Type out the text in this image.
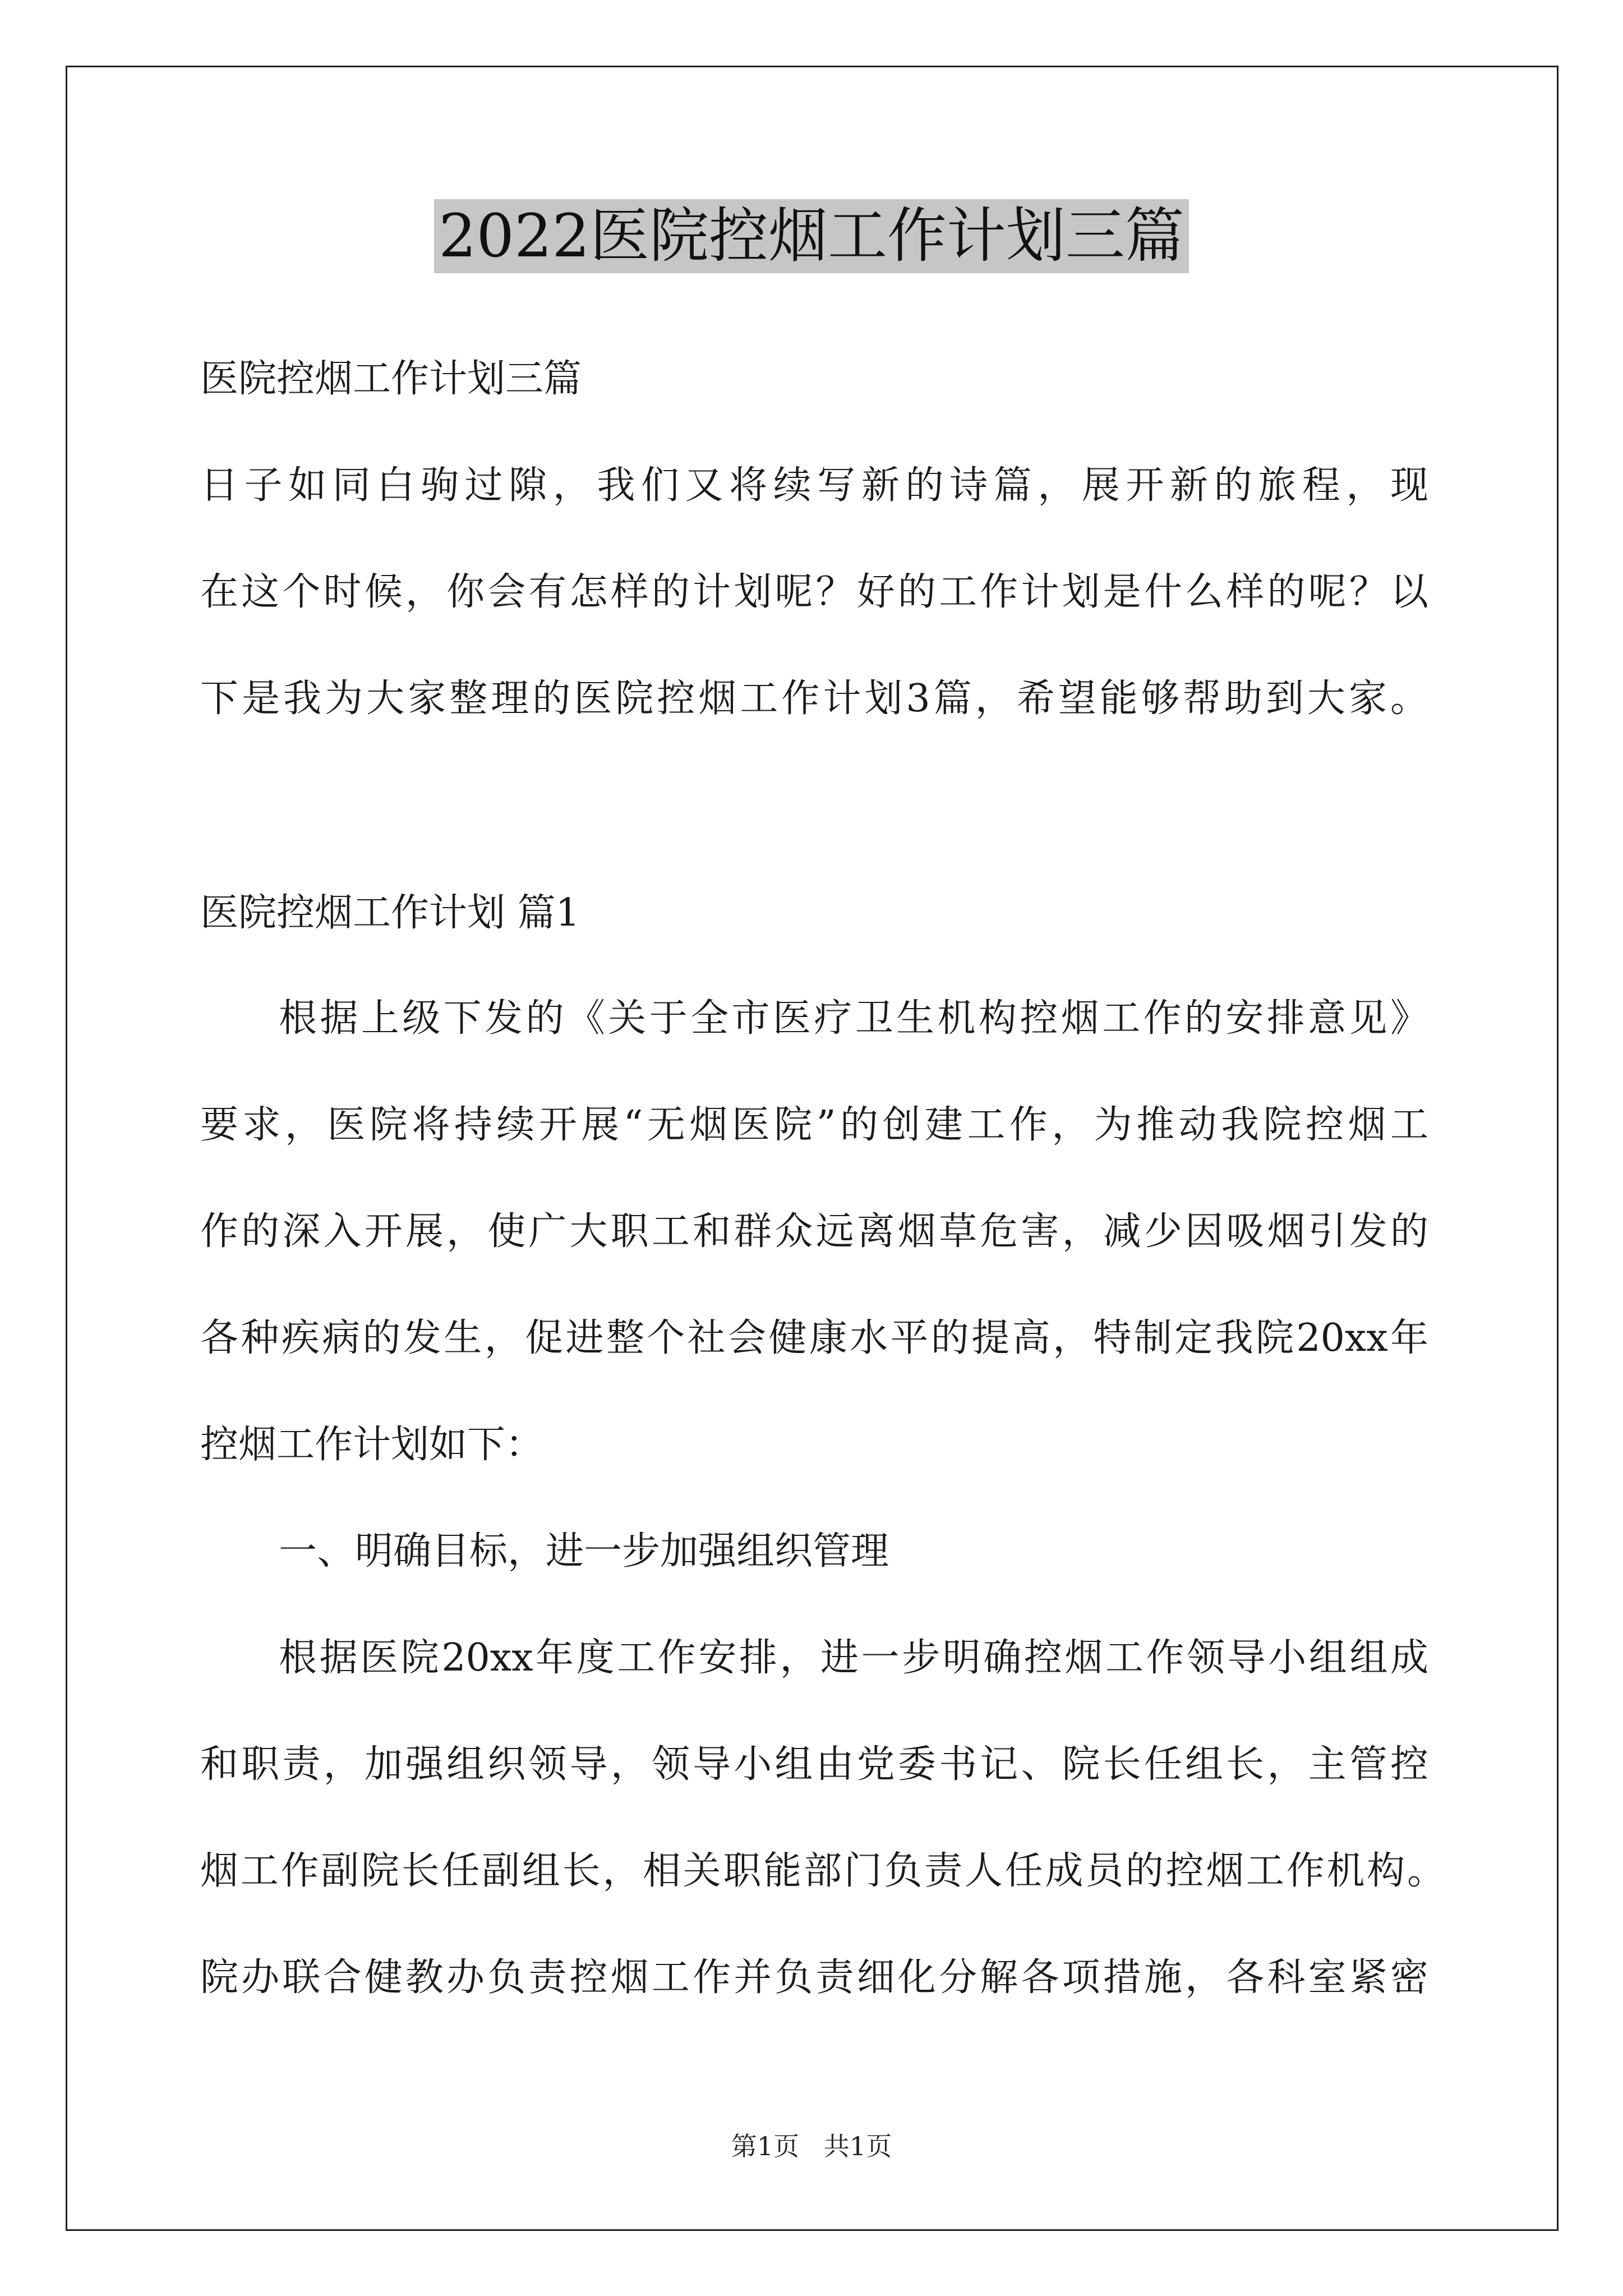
2022医院控烟工作计划三篇
医院控烟工作计划三篇
日子如同白驹过隙，我们又将续写新的诗篇，展开新的旅程，现
在这个时候，你会有怎样的计划呢？好的工作计划是什么样的呢？以
下是我为大家整理的医院控烟工作计划3篇，希望能够帮助到大家。
医院控烟工作计划 篇1
根据上级下发的《关于全市医疗卫生机构控烟工作的安排意见》
要求，医院将持续开展“无烟医院”的创建工作，为推动我院控烟工
作的深入开展，使广大职工和群众远离烟草危害，减少因吸烟引发的
各种疾病的发生，促进整个社会健康水平的提高，特制定我院20xx年
控烟工作计划如下：
一、明确目标，进一步加强组织管理
根据医院20xx年度工作安排，进一步明确控烟工作领导小组组成
和职责，加强组织领导，领导小组由党委书记、院长任组长，主管控
烟工作副院长任副组长，相关职能部门负责人任成员的控烟工作机构。
院办联合健教办负责控烟工作并负责细化分解各项措施，各科室紧密
第1页   共1页
